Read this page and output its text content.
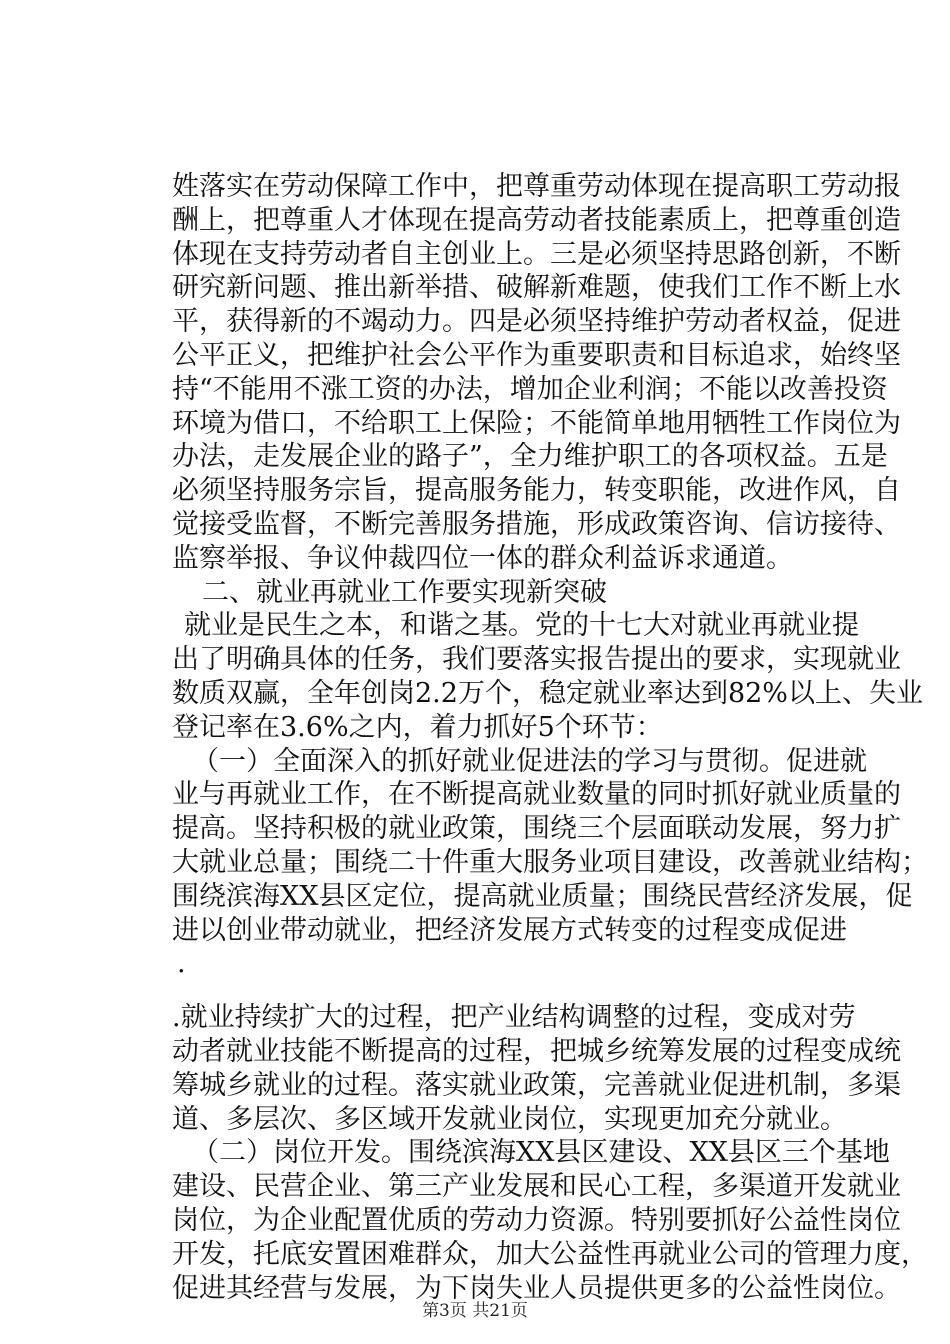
姓落实在劳动保障工作中，把尊重劳动体现在提高职工劳动报
酬上，把尊重人才体现在提高劳动者技能素质上，把尊重创造
体现在支持劳动者自主创业上。三是必须坚持思路创新，不断
研究新问题、推出新举措、破解新难题，使我们工作不断上水
平，获得新的不竭动力。四是必须坚持维护劳动者权益，促进
公平正义，把维护社会公平作为重要职责和目标追求，始终坚
持“不能用不涨工资的办法，增加企业利润；不能以改善投资
环境为借口，不给职工上保险；不能简单地用牺牲工作岗位为
办法，走发展企业的路子”，全力维护职工的各项权益。五是
必须坚持服务宗旨，提高服务能力，转变职能，改进作风，自
觉接受监督，不断完善服务措施，形成政策咨询、信访接待、
监察举报、争议仲裁四位一体的群众利益诉求通道。
二、就业再就业工作要实现新突破
就业是民生之本，和谐之基。党的十七大对就业再就业提
出了明确具体的任务，我们要落实报告提出的要求，实现就业
数质双赢，全年创岗2.2万个，稳定就业率达到82%以上、失业
登记率在3.6%之内，着力抓好5个环节：
（一）全面深入的抓好就业促进法的学习与贯彻。促进就
业与再就业工作，在不断提高就业数量的同时抓好就业质量的
提高。坚持积极的就业政策，围绕三个层面联动发展，努力扩
大就业总量；围绕二十件重大服务业项目建设，改善就业结构；
围绕滨海XX县区定位，提高就业质量；围绕民营经济发展，促
进以创业带动就业，把经济发展方式转变的过程变成促进
.
.就业持续扩大的过程，把产业结构调整的过程，变成对劳
动者就业技能不断提高的过程，把城乡统筹发展的过程变成统
筹城乡就业的过程。落实就业政策，完善就业促进机制，多渠
道、多层次、多区域开发就业岗位，实现更加充分就业。
（二）岗位开发。围绕滨海XX县区建设、XX县区三个基地
建设、民营企业、第三产业发展和民心工程，多渠道开发就业
岗位，为企业配置优质的劳动力资源。特别要抓好公益性岗位
开发，托底安置困难群众，加大公益性再就业公司的管理力度，
促进其经营与发展，为下岗失业人员提供更多的公益性岗位。
第3页 共21页
